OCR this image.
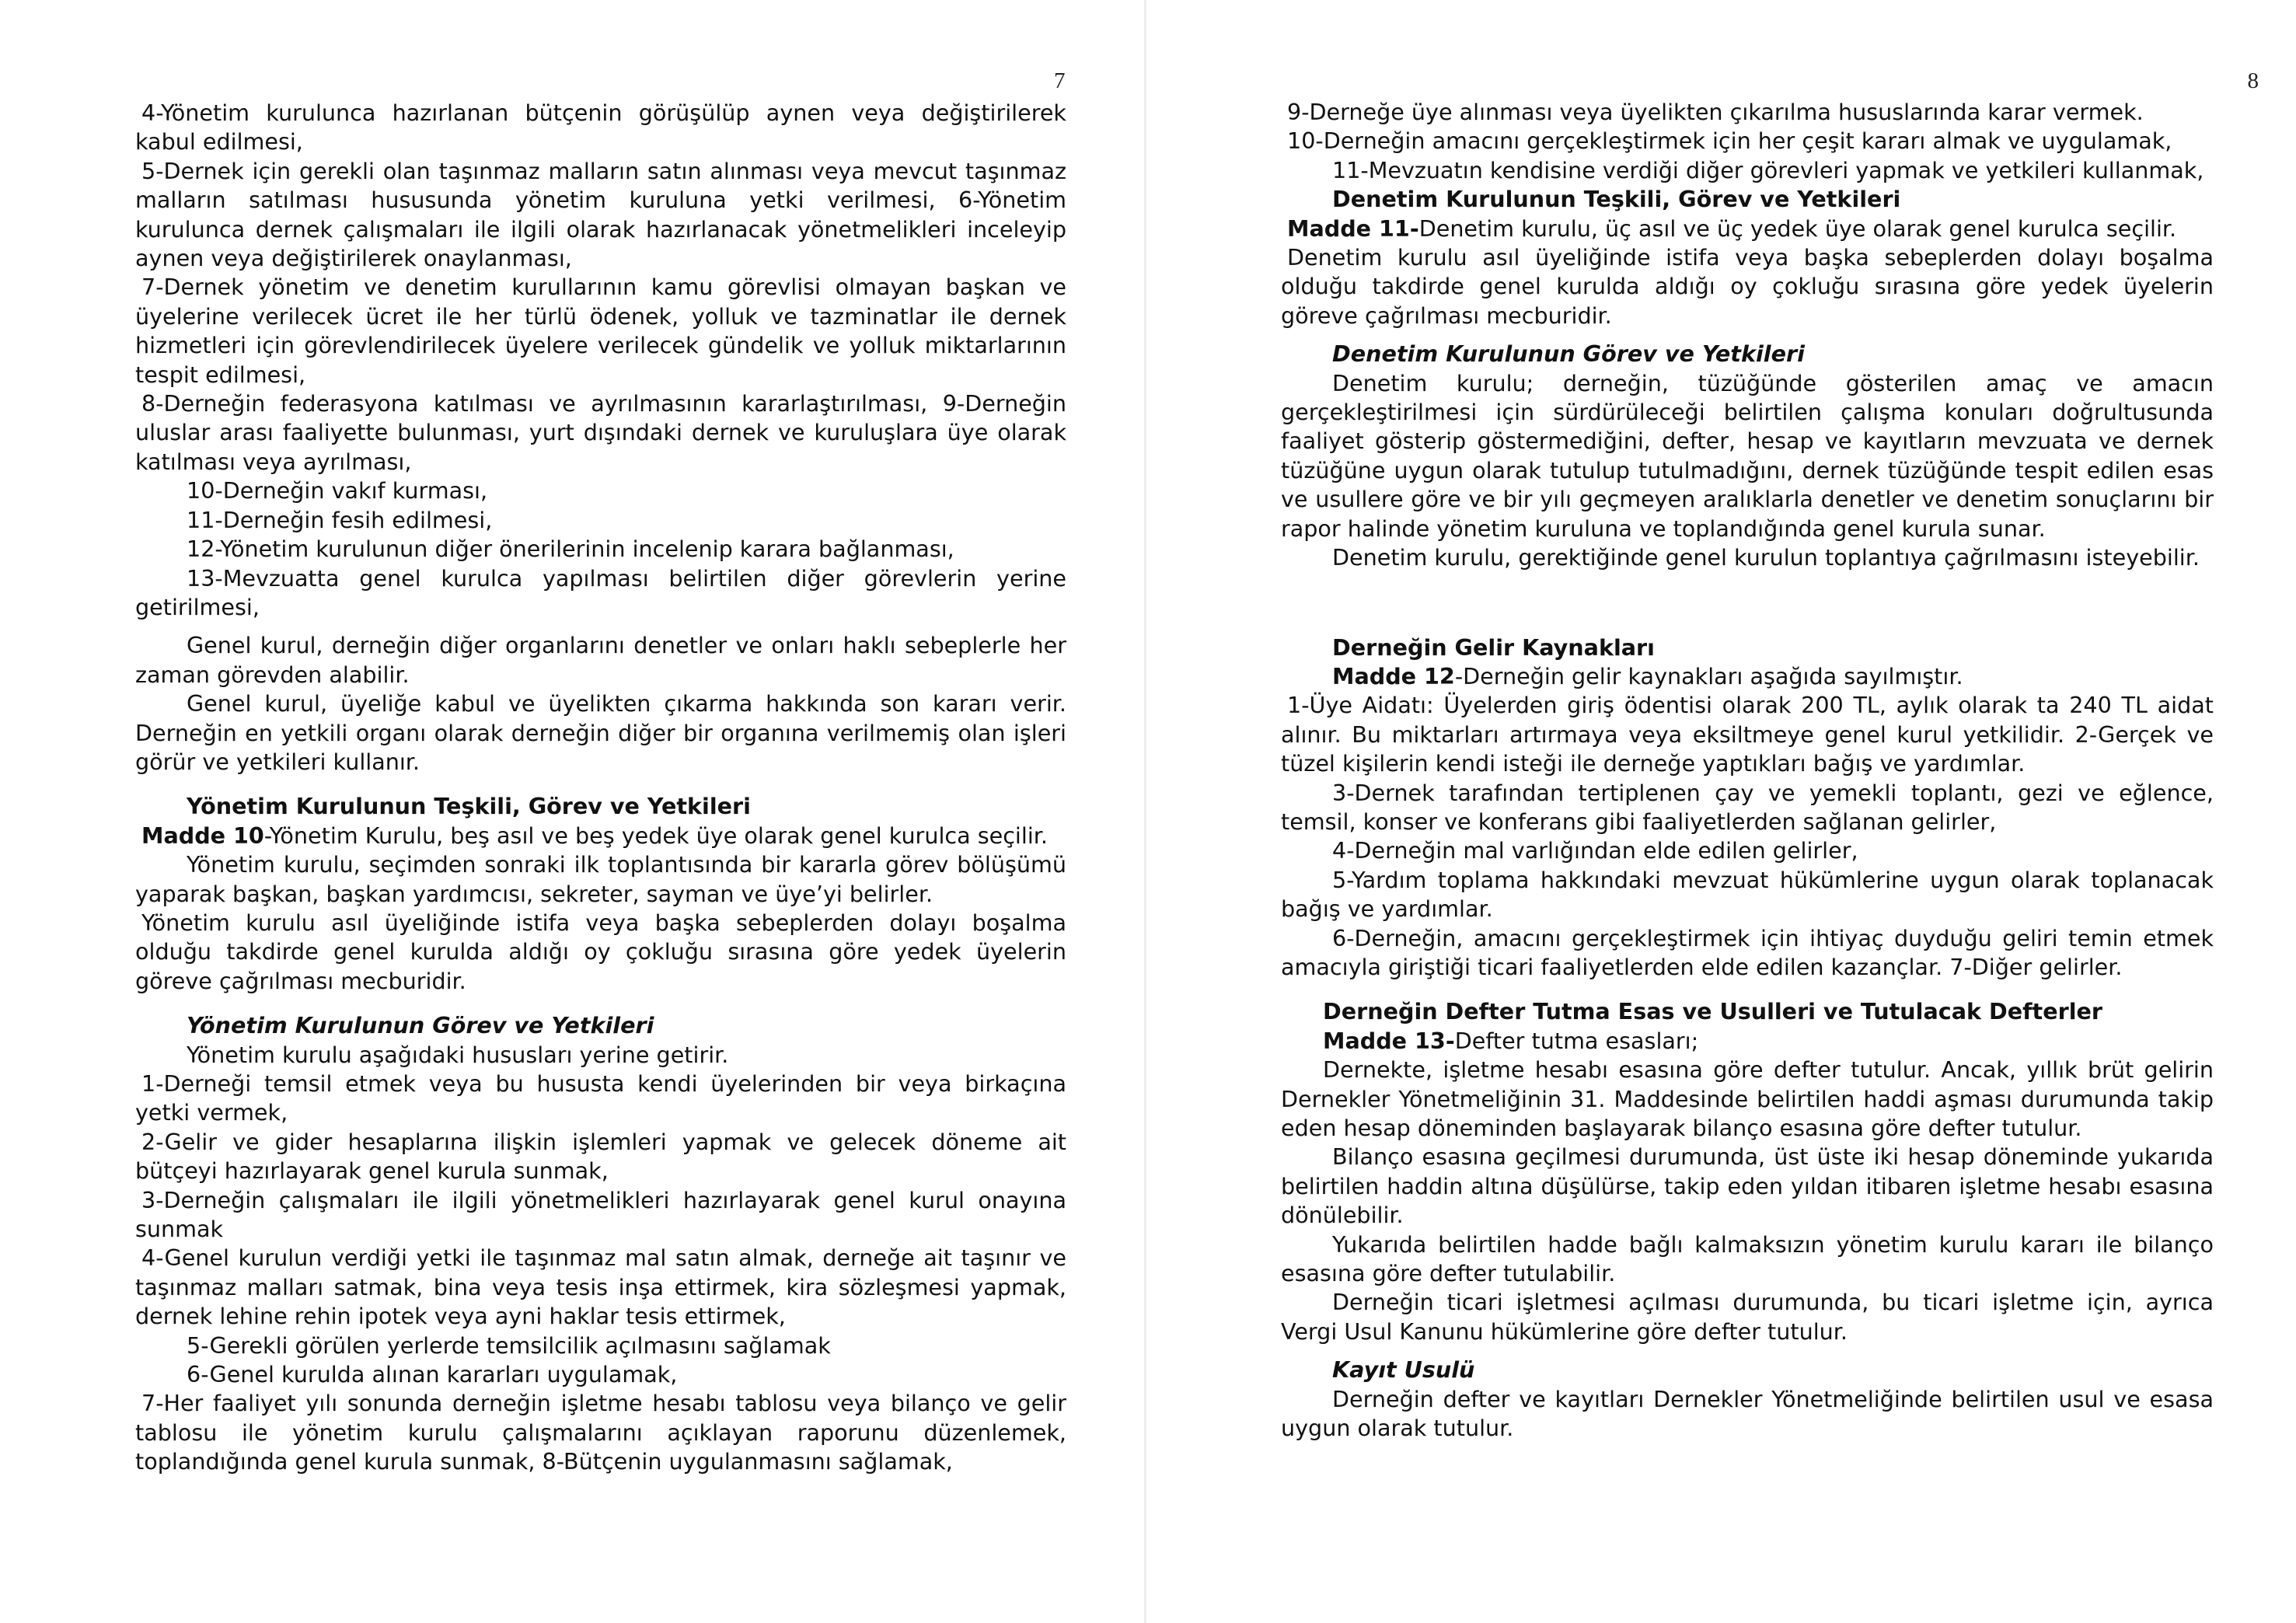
7

4-Yönetim kurulunca hazırlanan bütçenin görüşülüp aynen veya değiştirilerek kabul edilmesi,

5-Dernek için gerekli olan taşınmaz malların satın alınması veya mevcut taşınmaz malların satılması hususunda yönetim kuruluna yetki verilmesi, 6-Yönetim kurulunca dernek çalışmaları ile ilgili olarak hazırlanacak yönetmelikleri inceleyip aynen veya değiştirilerek onaylanması,

7-Dernek yönetim ve denetim kurullarının kamu görevlisi olmayan başkan ve üyelerine verilecek ücret ile her türlü ödenek, yolluk ve tazminatlar ile dernek hizmetleri için görevlendirilecek üyelere verilecek gündelik ve yolluk miktarlarının tespit edilmesi,

8-Derneğin federasyona katılması ve ayrılmasının kararlaştırılması, 9-Derneğin uluslar arası faaliyette bulunması, yurt dışındaki dernek ve kuruluşlara üye olarak katılması veya ayrılması,

10-Derneğin vakıf kurması,

11-Derneğin fesih edilmesi,

12-Yönetim kurulunun diğer önerilerinin incelenip karara bağlanması,

13-Mevzuatta genel kurulca yapılması belirtilen diğer görevlerin yerine getirilmesi,

Genel kurul, derneğin diğer organlarını denetler ve onları haklı sebeplerle her zaman görevden alabilir.

Genel kurul, üyeliğe kabul ve üyelikten çıkarma hakkında son kararı verir. Derneğin en yetkili organı olarak derneğin diğer bir organına verilmemiş olan işleri görür ve yetkileri kullanır.

Yönetim Kurulunun Teşkili, Görev ve Yetkileri

Madde 10-Yönetim Kurulu, beş asıl ve beş yedek üye olarak genel kurulca seçilir.

Yönetim kurulu, seçimden sonraki ilk toplantısında bir kararla görev bölüşümü yaparak başkan, başkan yardımcısı, sekreter, sayman ve üye’yi belirler.

Yönetim kurulu asıl üyeliğinde istifa veya başka sebeplerden dolayı boşalma olduğu takdirde genel kurulda aldığı oy çokluğu sırasına göre yedek üyelerin göreve çağrılması mecburidir.

Yönetim Kurulunun Görev ve Yetkileri

Yönetim kurulu aşağıdaki hususları yerine getirir.

1-Derneği temsil etmek veya bu hususta kendi üyelerinden bir veya birkaçına yetki vermek,

2-Gelir ve gider hesaplarına ilişkin işlemleri yapmak ve gelecek döneme ait bütçeyi hazırlayarak genel kurula sunmak,

3-Derneğin çalışmaları ile ilgili yönetmelikleri hazırlayarak genel kurul onayına sunmak

4-Genel kurulun verdiği yetki ile taşınmaz mal satın almak, derneğe ait taşınır ve taşınmaz malları satmak, bina veya tesis inşa ettirmek, kira sözleşmesi yapmak, dernek lehine rehin ipotek veya ayni haklar tesis ettirmek,

5-Gerekli görülen yerlerde temsilcilik açılmasını sağlamak

6-Genel kurulda alınan kararları uygulamak,

7-Her faaliyet yılı sonunda derneğin işletme hesabı tablosu veya bilanço ve gelir tablosu ile yönetim kurulu çalışmalarını açıklayan raporunu düzenlemek, toplandığında genel kurula sunmak, 8-Bütçenin uygulanmasını sağlamak,

8

9-Derneğe üye alınması veya üyelikten çıkarılma hususlarında karar vermek.

10-Derneğin amacını gerçekleştirmek için her çeşit kararı almak ve uygulamak,

11-Mevzuatın kendisine verdiği diğer görevleri yapmak ve yetkileri kullanmak,

Denetim Kurulunun Teşkili, Görev ve Yetkileri

Madde 11-Denetim kurulu, üç asıl ve üç yedek üye olarak genel kurulca seçilir.

Denetim kurulu asıl üyeliğinde istifa veya başka sebeplerden dolayı boşalma olduğu takdirde genel kurulda aldığı oy çokluğu sırasına göre yedek üyelerin göreve çağrılması mecburidir.

Denetim Kurulunun Görev ve Yetkileri

Denetim kurulu; derneğin, tüzüğünde gösterilen amaç ve amacın gerçekleştirilmesi için sürdürüleceği belirtilen çalışma konuları doğrultusunda faaliyet gösterip göstermediğini, defter, hesap ve kayıtların mevzuata ve dernek tüzüğüne uygun olarak tutulup tutulmadığını, dernek tüzüğünde tespit edilen esas ve usullere göre ve bir yılı geçmeyen aralıklarla denetler ve denetim sonuçlarını bir rapor halinde yönetim kuruluna ve toplandığında genel kurula sunar.

Denetim kurulu, gerektiğinde genel kurulun toplantıya çağrılmasını isteyebilir.

Derneğin Gelir Kaynakları

Madde 12-Derneğin gelir kaynakları aşağıda sayılmıştır.

1-Üye Aidatı: Üyelerden giriş ödentisi olarak 200 TL, aylık olarak ta 240 TL aidat alınır. Bu miktarları artırmaya veya eksiltmeye genel kurul yetkilidir. 2-Gerçek ve tüzel kişilerin kendi isteği ile derneğe yaptıkları bağış ve yardımlar.

3-Dernek tarafından tertiplenen çay ve yemekli toplantı, gezi ve eğlence, temsil, konser ve konferans gibi faaliyetlerden sağlanan gelirler,

4-Derneğin mal varlığından elde edilen gelirler,

5-Yardım toplama hakkındaki mevzuat hükümlerine uygun olarak toplanacak bağış ve yardımlar.

6-Derneğin, amacını gerçekleştirmek için ihtiyaç duyduğu geliri temin etmek amacıyla giriştiği ticari faaliyetlerden elde edilen kazançlar. 7-Diğer gelirler.

Derneğin Defter Tutma Esas ve Usulleri ve Tutulacak Defterler

Madde 13-Defter tutma esasları;

Dernekte, işletme hesabı esasına göre defter tutulur. Ancak, yıllık brüt gelirin Dernekler Yönetmeliğinin 31. Maddesinde belirtilen haddi aşması durumunda takip eden hesap döneminden başlayarak bilanço esasına göre defter tutulur.

Bilanço esasına geçilmesi durumunda, üst üste iki hesap döneminde yukarıda belirtilen haddin altına düşülürse, takip eden yıldan itibaren işletme hesabı esasına dönülebilir.

Yukarıda belirtilen hadde bağlı kalmaksızın yönetim kurulu kararı ile bilanço esasına göre defter tutulabilir.

Derneğin ticari işletmesi açılması durumunda, bu ticari işletme için, ayrıca Vergi Usul Kanunu hükümlerine göre defter tutulur.

Kayıt Usulü

Derneğin defter ve kayıtları Dernekler Yönetmeliğinde belirtilen usul ve esasa uygun olarak tutulur.
